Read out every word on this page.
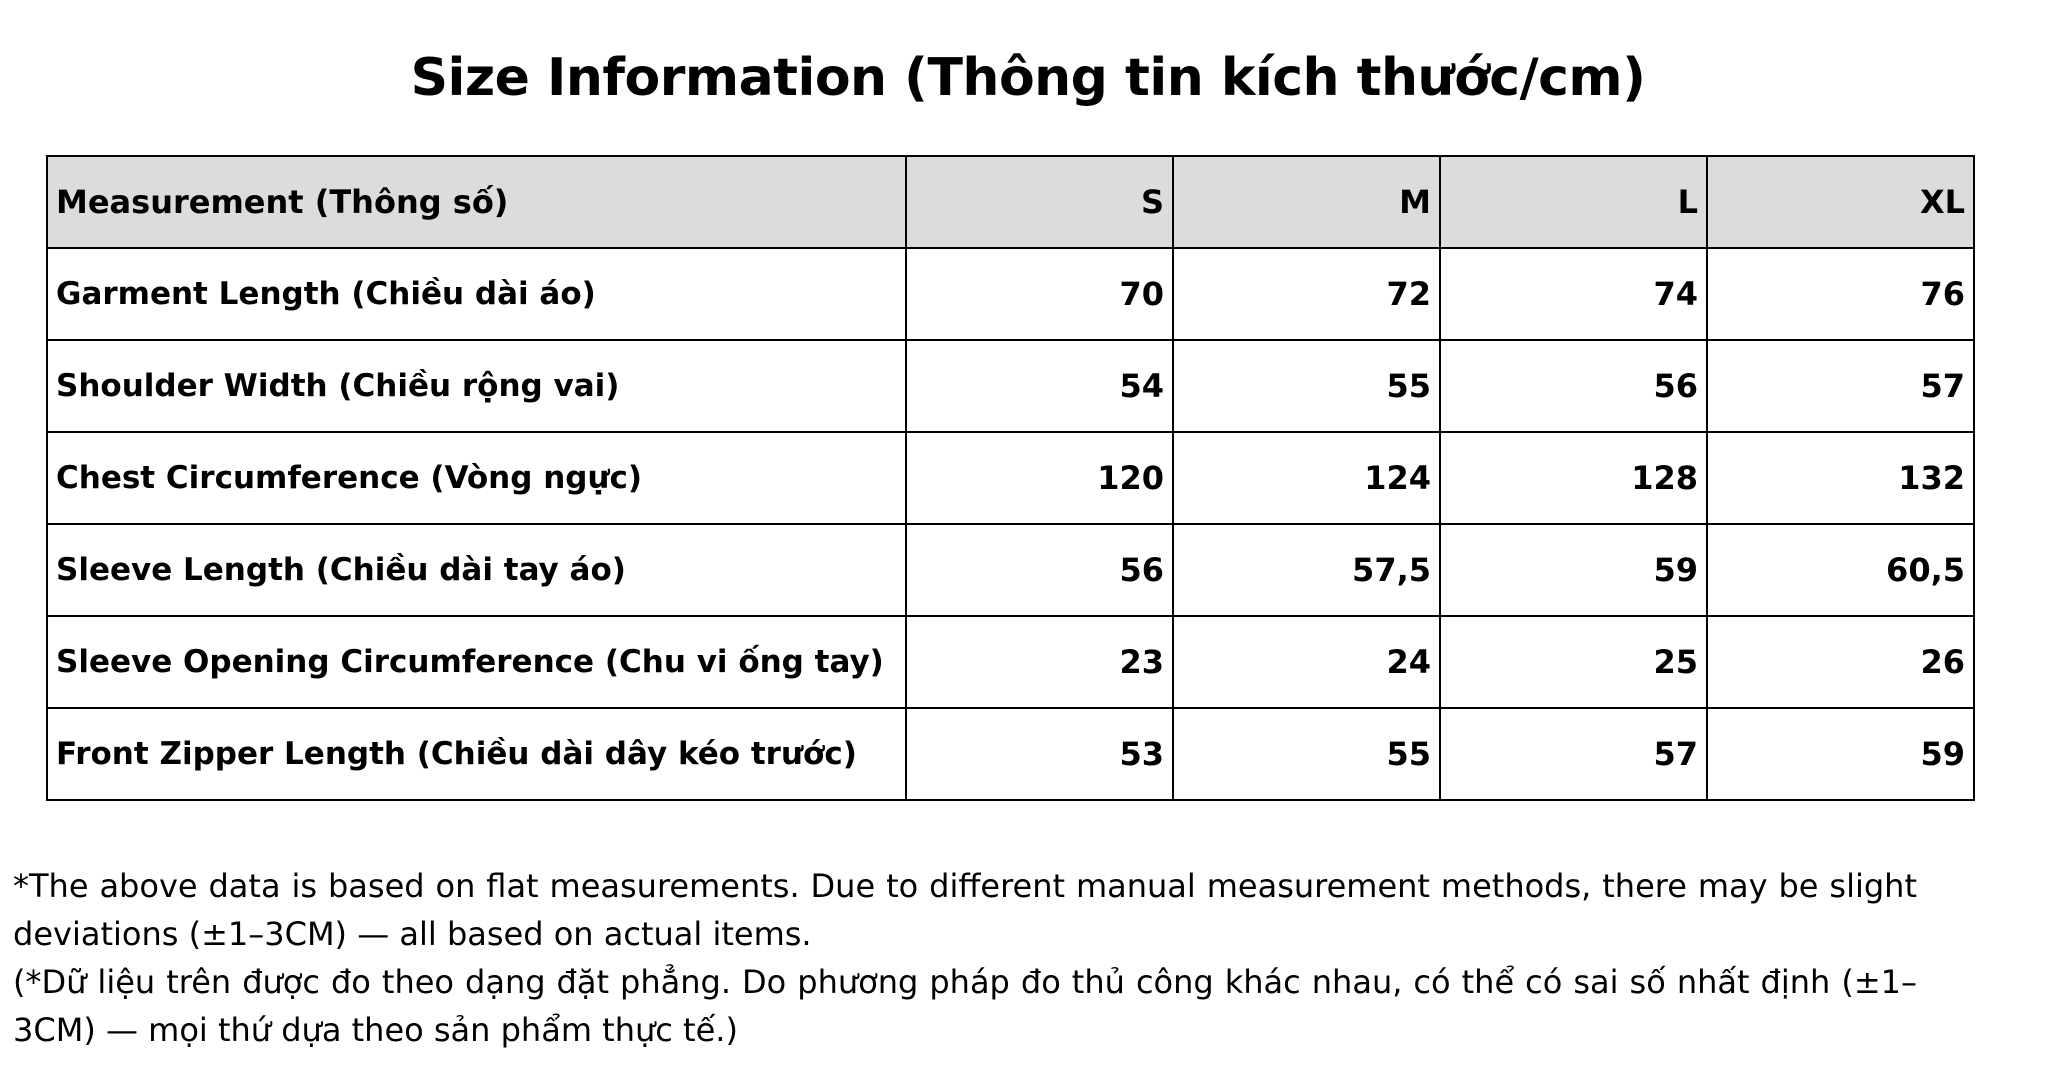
Size Information (Thông tin kích thước/cm)
Measurement (Thông số)	S	M	L	XL
Garment Length (Chiều dài áo)	70	72	74	76
Shoulder Width (Chiều rộng vai)	54	55	56	57
Chest Circumference (Vòng ngực)	120	124	128	132
Sleeve Length (Chiều dài tay áo)	56	57,5	59	60,5
Sleeve Opening Circumference (Chu vi ống tay)	23	24	25	26
Front Zipper Length (Chiều dài dây kéo trước)	53	55	57	59

*The above data is based on flat measurements. Due to different manual measurement methods, there may be slight deviations (±1–3CM) — all based on actual items.

(*Dữ liệu trên được đo theo dạng đặt phẳng. Do phương pháp đo thủ công khác nhau, có thể có sai số nhất định (±1–3CM) — mọi thứ dựa theo sản phẩm thực tế.)
